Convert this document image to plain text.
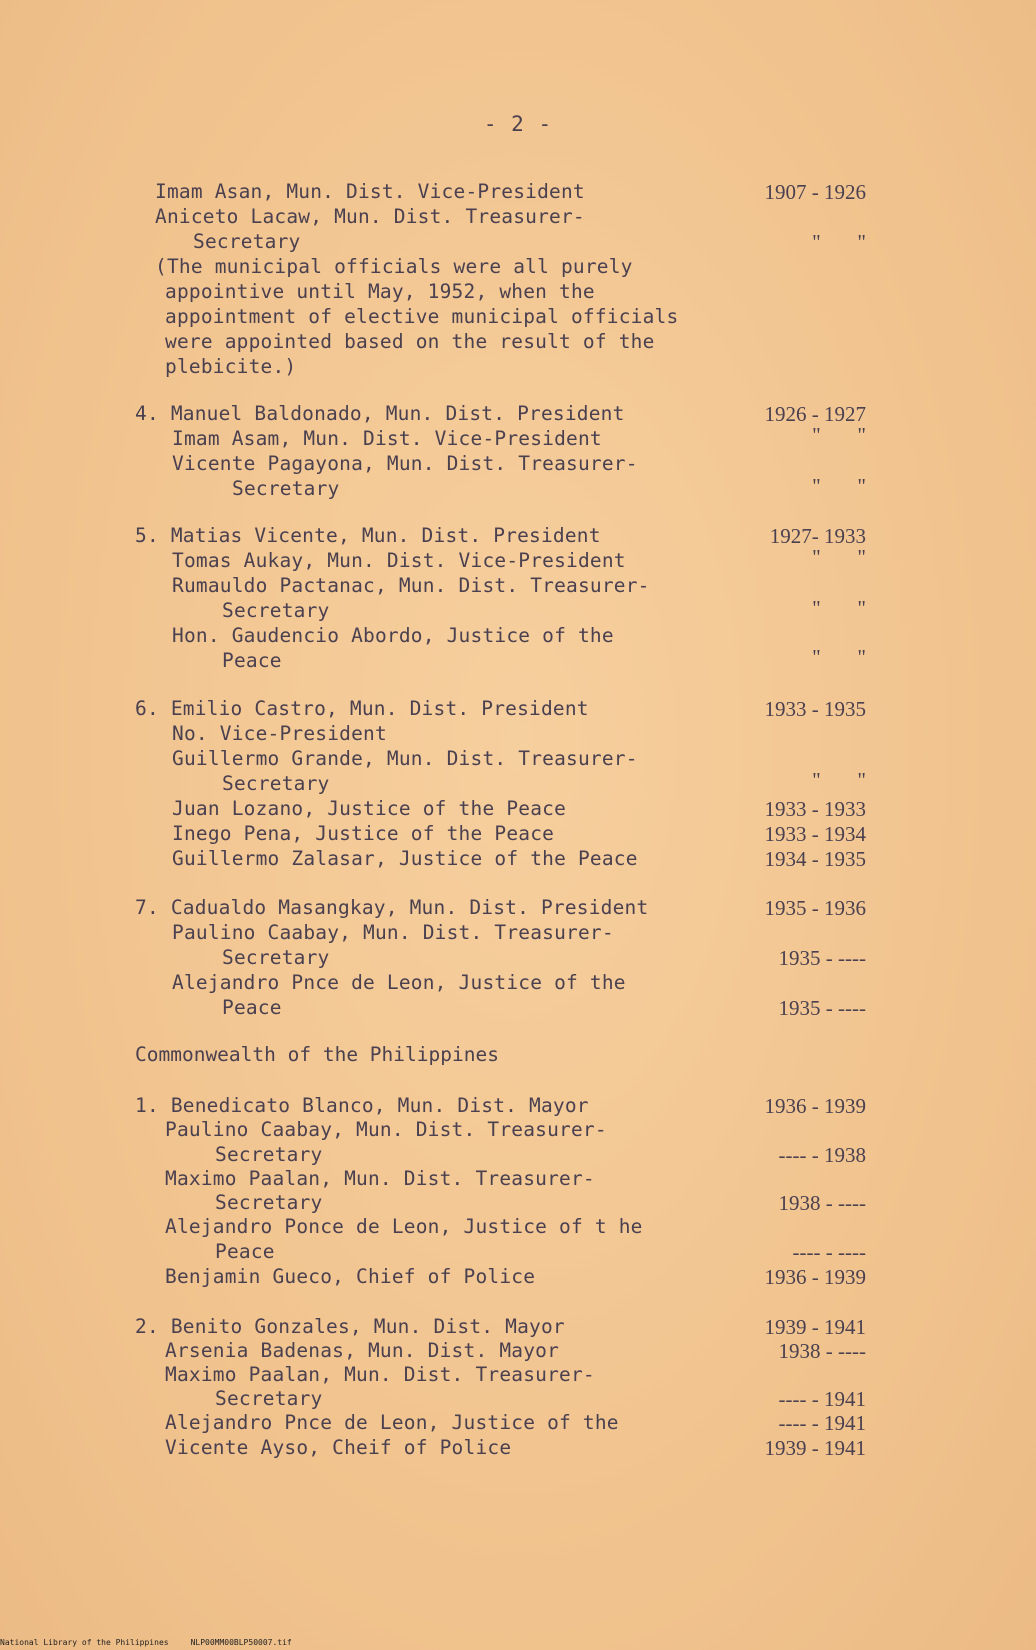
- 2 -
Imam Asan, Mun. Dist. Vice-President	1907 - 1926
Aniceto Lacaw, Mun. Dist. Treasurer-
Secretary	"       "
(The municipal officials were all purely
appointive until May, 1952, when the
appointment of elective municipal officials
were appointed based on the result of the
plebicite.)
4. Manuel Baldonado, Mun. Dist. President	1926 - 1927
Imam Asam, Mun. Dist. Vice-President	"       "
Vicente Pagayona, Mun. Dist. Treasurer-
Secretary	"       "
5. Matias Vicente, Mun. Dist. President	1927- 1933
Tomas Aukay, Mun. Dist. Vice-President	"       "
Rumauldo Pactanac, Mun. Dist. Treasurer-
Secretary	"       "
Hon. Gaudencio Abordo, Justice of the
Peace	"       "
6. Emilio Castro, Mun. Dist. President	1933 - 1935
No. Vice-President
Guillermo Grande, Mun. Dist. Treasurer-
Secretary	"       "
Juan Lozano, Justice of the Peace	1933 - 1933
Inego Pena, Justice of the Peace	1933 - 1934
Guillermo Zalasar, Justice of the Peace	1934 - 1935
7. Cadualdo Masangkay, Mun. Dist. President	1935 - 1936
Paulino Caabay, Mun. Dist. Treasurer-
Secretary	1935 - ----
Alejandro Pnce de Leon, Justice of the
Peace	1935 - ----
Commonwealth of the Philippines
1. Benedicato Blanco, Mun. Dist. Mayor	1936 - 1939
Paulino Caabay, Mun. Dist. Treasurer-
Secretary	---- - 1938
Maximo Paalan, Mun. Dist. Treasurer-
Secretary	1938 - ----
Alejandro Ponce de Leon, Justice of t he
Peace	---- - ----
Benjamin Gueco, Chief of Police	1936 - 1939
2. Benito Gonzales, Mun. Dist. Mayor	1939 - 1941
Arsenia Badenas, Mun. Dist. Mayor	1938 - ----
Maximo Paalan, Mun. Dist. Treasurer-
Secretary	---- - 1941
Alejandro Pnce de Leon, Justice of the	---- - 1941
Vicente Ayso, Cheif of Police	1939 - 1941
National Library of the Philippines	NLP00MM00BLP50007.tif
